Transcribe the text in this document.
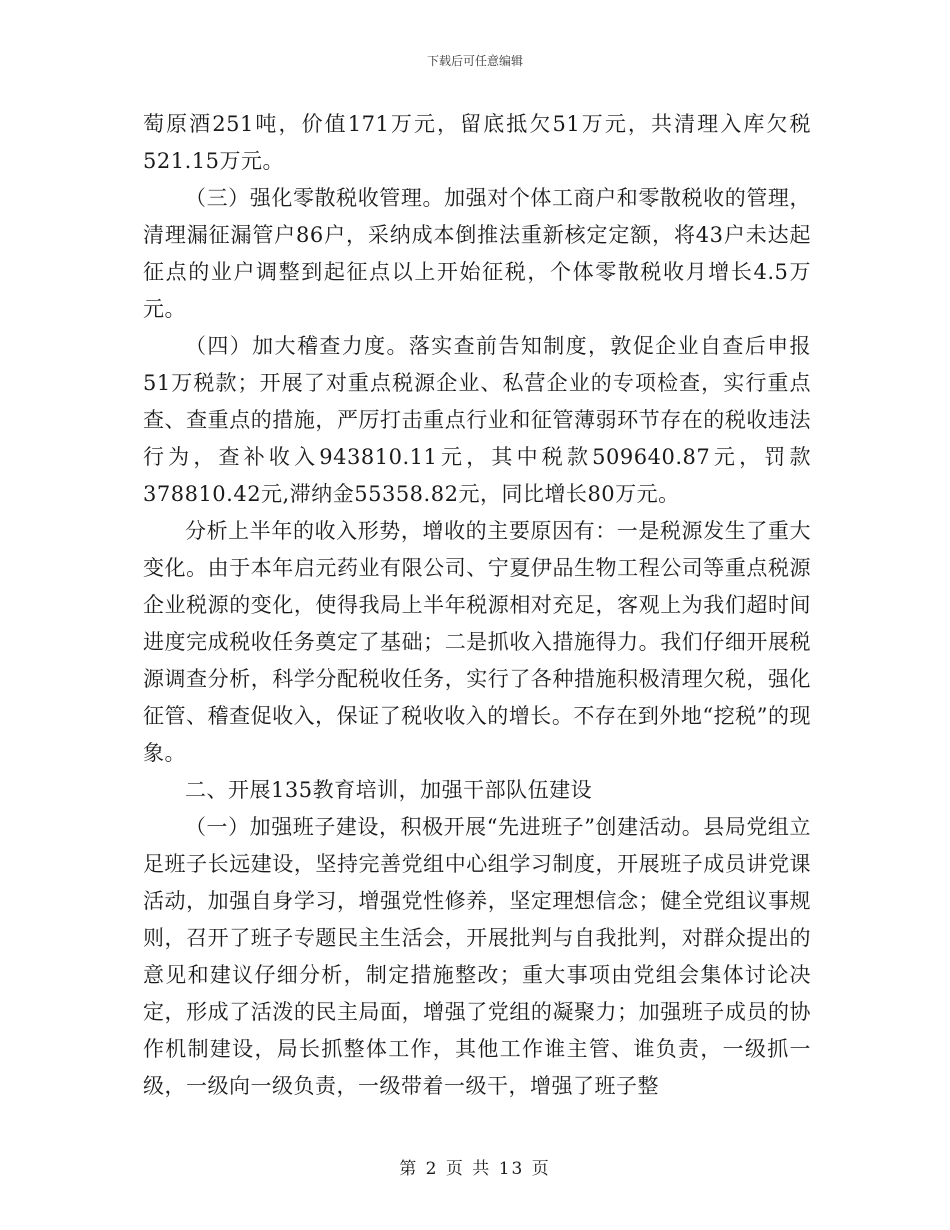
下载后可任意编辑

萄原酒251吨，价值171万元，留底抵欠51万元，共清理入库欠税521.15万元。

（三）强化零散税收管理。加强对个体工商户和零散税收的管理，清理漏征漏管户86户，采纳成本倒推法重新核定定额，将43户未达起征点的业户调整到起征点以上开始征税，个体零散税收月增长4.5万元。

（四）加大稽查力度。落实查前告知制度，敦促企业自查后申报51万税款；开展了对重点税源企业、私营企业的专项检查，实行重点查、查重点的措施，严厉打击重点行业和征管薄弱环节存在的税收违法行为，查补收入943810.11元，其中税款509640.87元，罚款378810.42元,滞纳金55358.82元，同比增长80万元。

分析上半年的收入形势，增收的主要原因有：一是税源发生了重大变化。由于本年启元药业有限公司、宁夏伊品生物工程公司等重点税源企业税源的变化，使得我局上半年税源相对充足，客观上为我们超时间进度完成税收任务奠定了基础；二是抓收入措施得力。我们仔细开展税源调查分析，科学分配税收任务，实行了各种措施积极清理欠税，强化征管、稽查促收入，保证了税收收入的增长。不存在到外地“挖税”的现象。

二、开展135教育培训，加强干部队伍建设

（一）加强班子建设，积极开展“先进班子”创建活动。县局党组立足班子长远建设，坚持完善党组中心组学习制度，开展班子成员讲党课活动，加强自身学习，增强党性修养，坚定理想信念；健全党组议事规则，召开了班子专题民主生活会，开展批判与自我批判，对群众提出的意见和建议仔细分析，制定措施整改；重大事项由党组会集体讨论决定，形成了活泼的民主局面，增强了党组的凝聚力；加强班子成员的协作机制建设，局长抓整体工作，其他工作谁主管、谁负责，一级抓一级，一级向一级负责，一级带着一级干，增强了班子整

第 2 页 共 13 页
